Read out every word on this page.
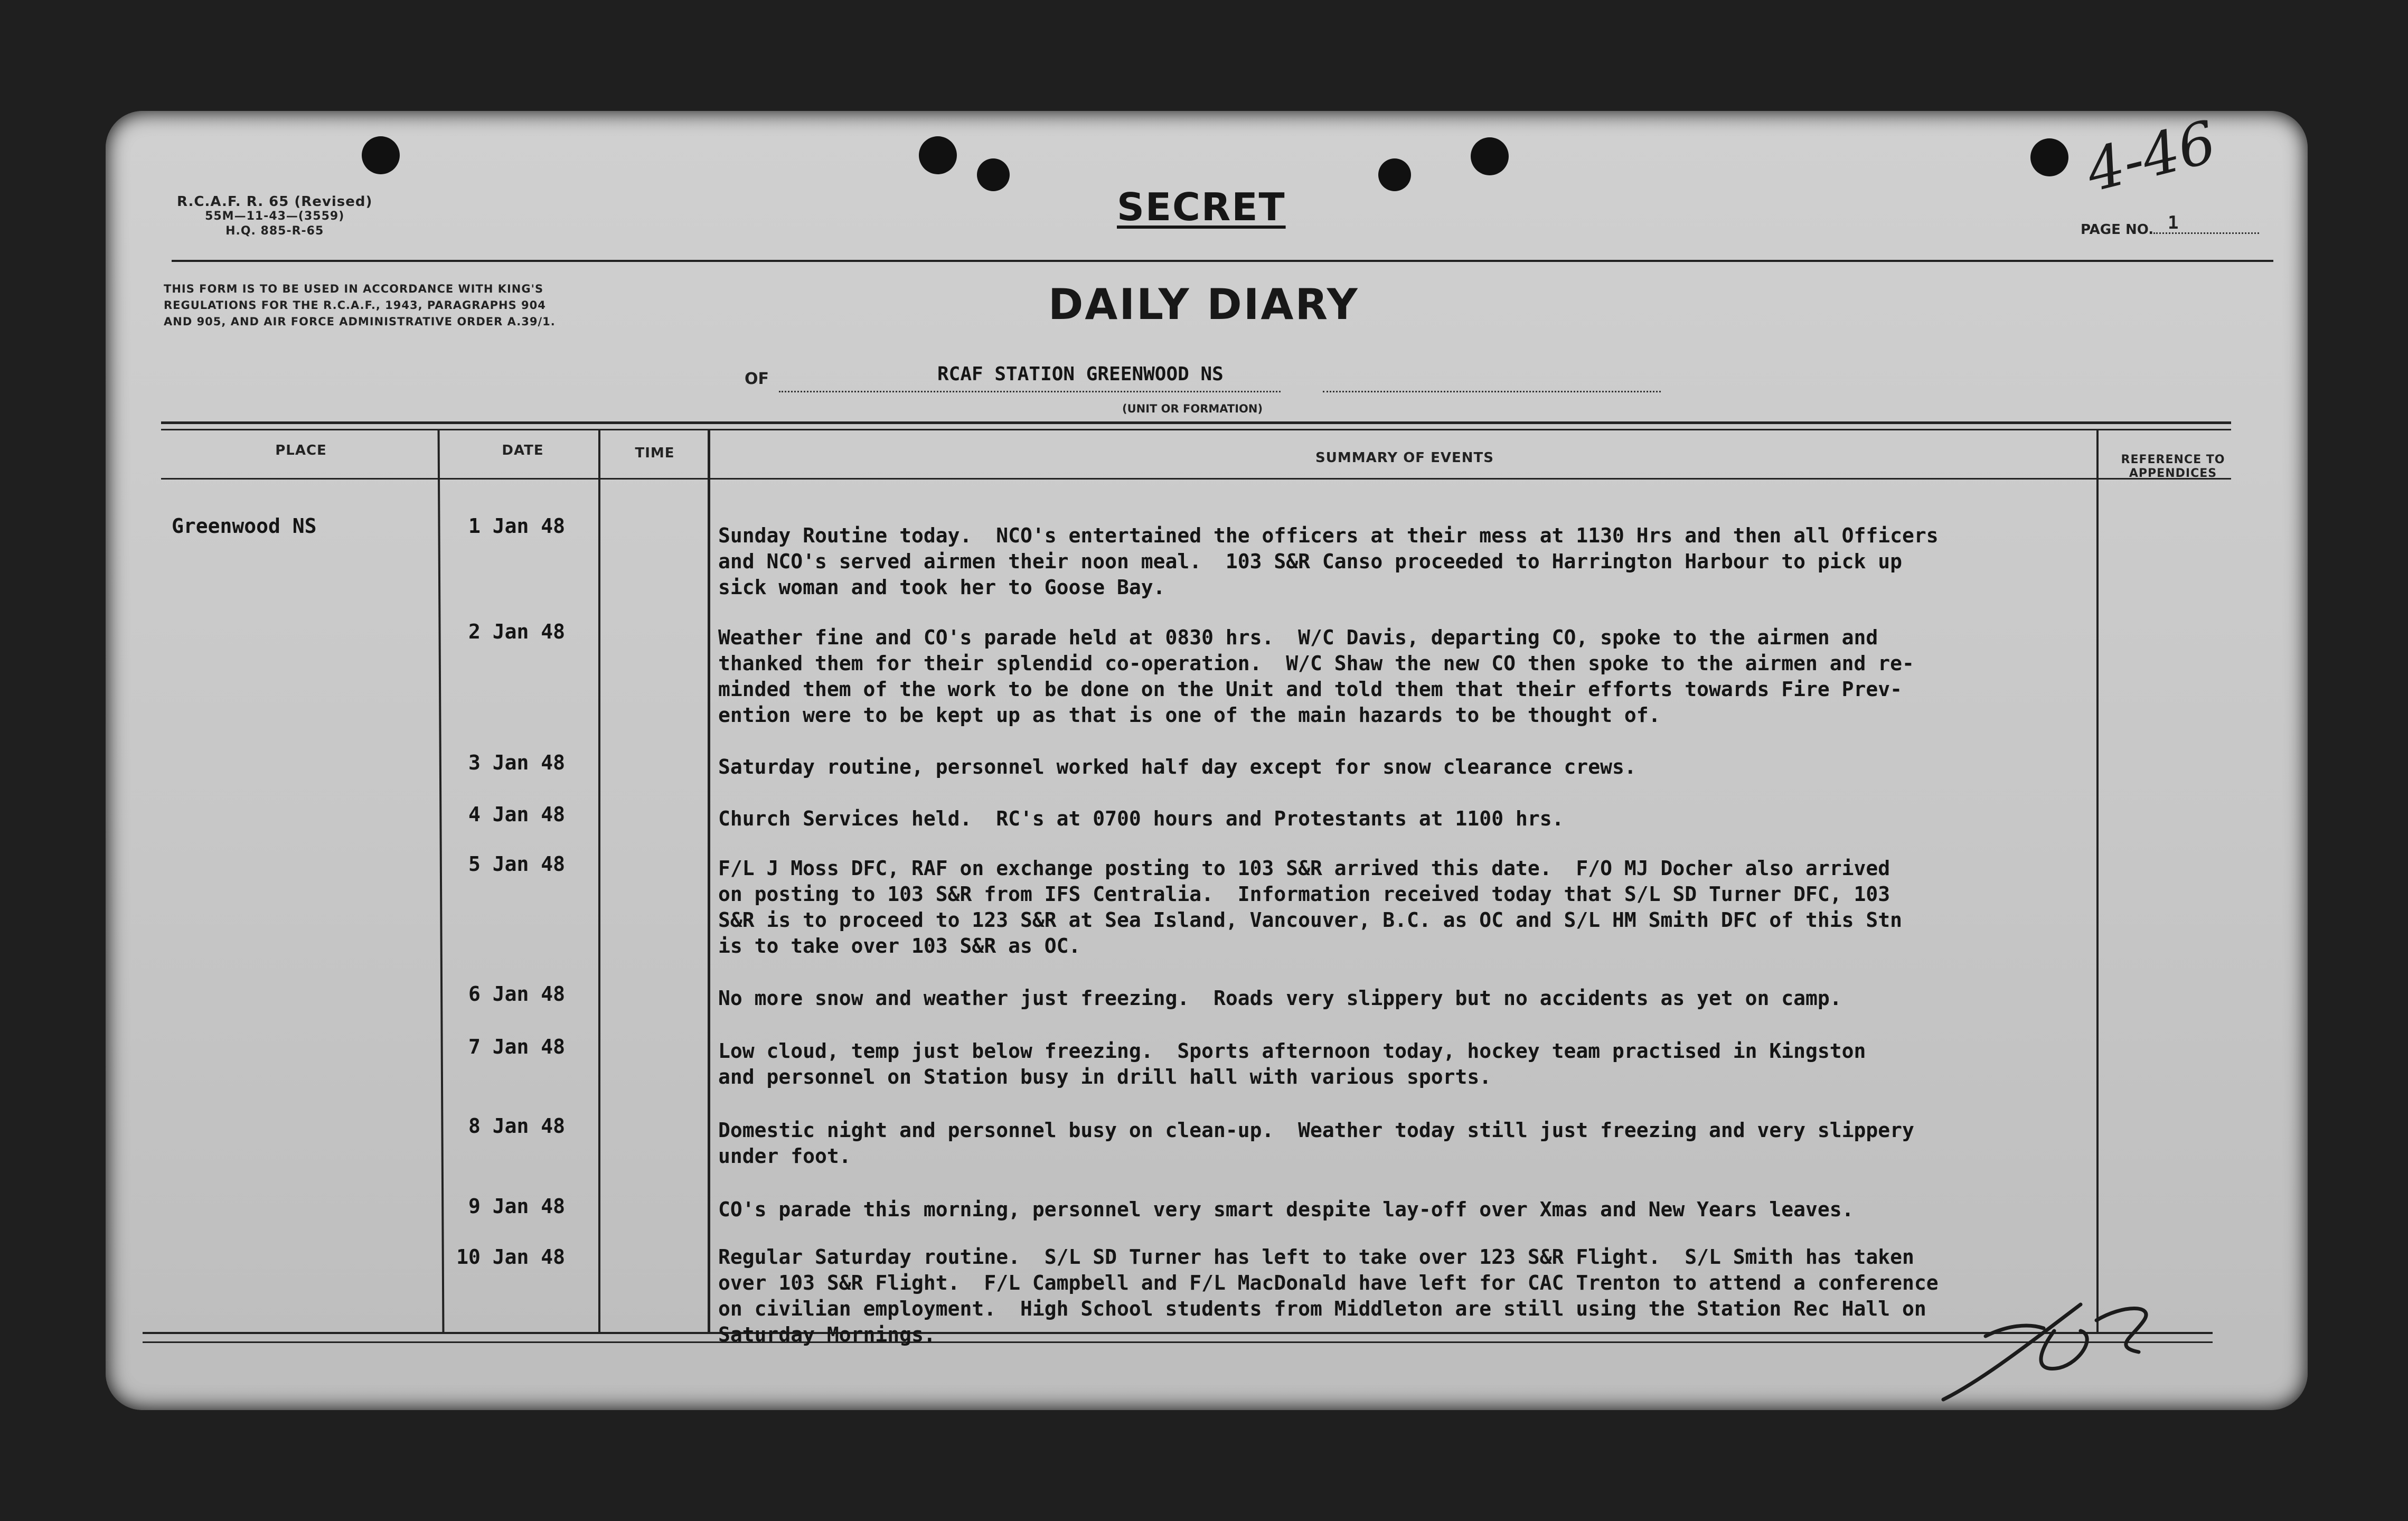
R.C.A.F. R. 65 (Revised)
55M—11-43—(3559)
H.Q. 885-R-65
THIS FORM IS TO BE USED IN ACCORDANCE WITH KING'S REGULATIONS FOR THE R.C.A.F., 1943, PARAGRAPHS 904 AND 905, AND AIR FORCE ADMINISTRATIVE ORDER A.39/1.
SECRET
4-46
PAGE NO. 1
DAILY DIARY
OF	RCAF STATION GREENWOOD NS
(UNIT OR FORMATION)
PLACE	DATE	TIME	SUMMARY OF EVENTS	REFERENCE TO APPENDICES
Greenwood NS	1 Jan 48	Sunday Routine today.  NCO's entertained the officers at their mess at 1130 Hrs and then all Officers
and NCO's served airmen their noon meal.  103 S&R Canso proceeded to Harrington Harbour to pick up
sick woman and took her to Goose Bay.
2 Jan 48	Weather fine and CO's parade held at 0830 hrs.  W/C Davis, departing CO, spoke to the airmen and
thanked them for their splendid co-operation.  W/C Shaw the new CO then spoke to the airmen and re-
minded them of the work to be done on the Unit and told them that their efforts towards Fire Prev-
ention were to be kept up as that is one of the main hazards to be thought of.
3 Jan 48	Saturday routine, personnel worked half day except for snow clearance crews.
4 Jan 48	Church Services held.  RC's at 0700 hours and Protestants at 1100 hrs.
5 Jan 48	F/L J Moss DFC, RAF on exchange posting to 103 S&R arrived this date.  F/O MJ Docher also arrived
on posting to 103 S&R from IFS Centralia.  Information received today that S/L SD Turner DFC, 103
S&R is to proceed to 123 S&R at Sea Island, Vancouver, B.C. as OC and S/L HM Smith DFC of this Stn
is to take over 103 S&R as OC.
6 Jan 48	No more snow and weather just freezing.  Roads very slippery but no accidents as yet on camp.
7 Jan 48	Low cloud, temp just below freezing.  Sports afternoon today, hockey team practised in Kingston
and personnel on Station busy in drill hall with various sports.
8 Jan 48	Domestic night and personnel busy on clean-up.  Weather today still just freezing and very slippery
under foot.
9 Jan 48	CO's parade this morning, personnel very smart despite lay-off over Xmas and New Years leaves.
10 Jan 48	Regular Saturday routine.  S/L SD Turner has left to take over 123 S&R Flight.  S/L Smith has taken
over 103 S&R Flight.  F/L Campbell and F/L MacDonald have left for CAC Trenton to attend a conference
on civilian employment.  High School students from Middleton are still using the Station Rec Hall on
Saturday Mornings.
